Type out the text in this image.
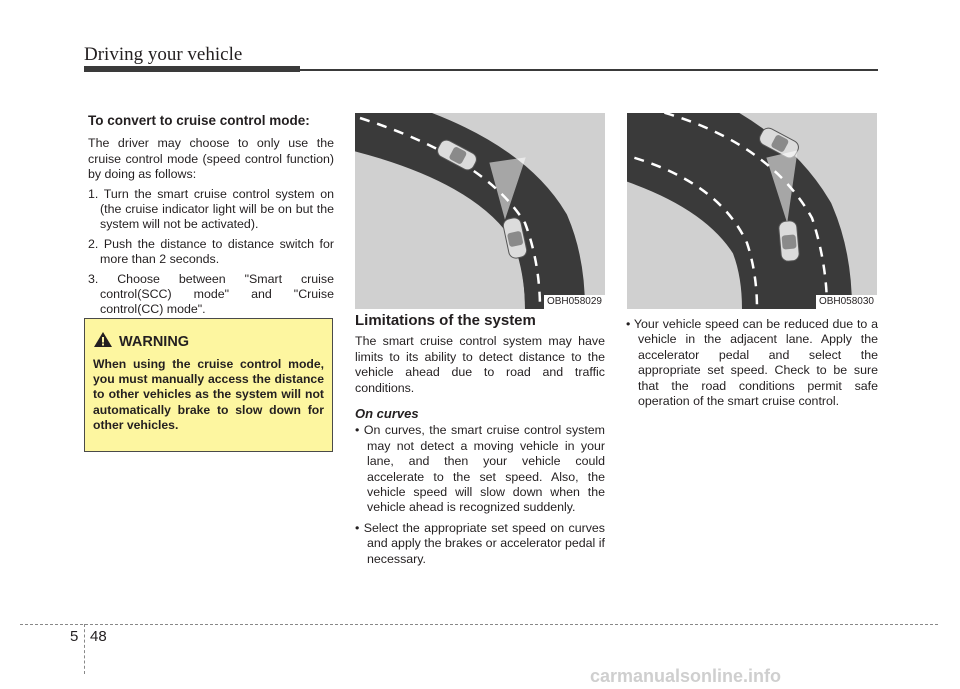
Driving your vehicle
To convert to cruise control mode:

The driver may choose to only use the cruise control mode (speed control function) by doing as follows:

1. Turn the smart cruise control system on (the cruise indicator light will be on but the system will not be activated).
2. Push the distance to distance switch for more than 2 seconds.
3. Choose between "Smart cruise control(SCC) mode" and "Cruise control(CC) mode".
WARNING
When using the cruise control mode, you must manually access the distance to other vehicles as the system will not automatically brake to slow down for other vehicles.
OBH058029	OBH058030
Limitations of the system

The smart cruise control system may have limits to its ability to detect distance to the vehicle ahead due to road and traffic conditions.

On curves
• On curves, the smart cruise control system may not detect a moving vehicle in your lane, and then your vehicle could accelerate to the set speed. Also, the vehicle speed will slow down when the vehicle ahead is recognized suddenly.
• Select the appropriate set speed on curves and apply the brakes or accelerator pedal if necessary.
• Your vehicle speed can be reduced due to a vehicle in the adjacent lane. Apply the accelerator pedal and select the appropriate set speed. Check to be sure that the road conditions permit safe operation of the smart cruise control.
5 48
carmanualsonline.info
